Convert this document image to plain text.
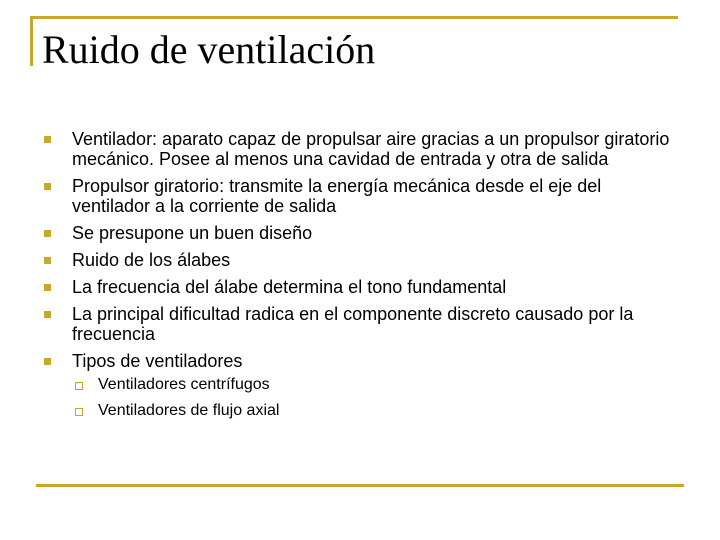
Ruido de ventilación
Ventilador: aparato capaz de propulsar aire gracias a un propulsor giratorio mecánico. Posee al menos una cavidad de entrada y otra de salida
Propulsor giratorio: transmite la energía mecánica desde el eje del ventilador a la corriente de salida
Se presupone un buen diseño
Ruido de los álabes
La frecuencia del álabe determina el tono fundamental
La principal dificultad radica en el componente discreto causado por la frecuencia
Tipos de ventiladores
Ventiladores centrífugos
Ventiladores de flujo axial
